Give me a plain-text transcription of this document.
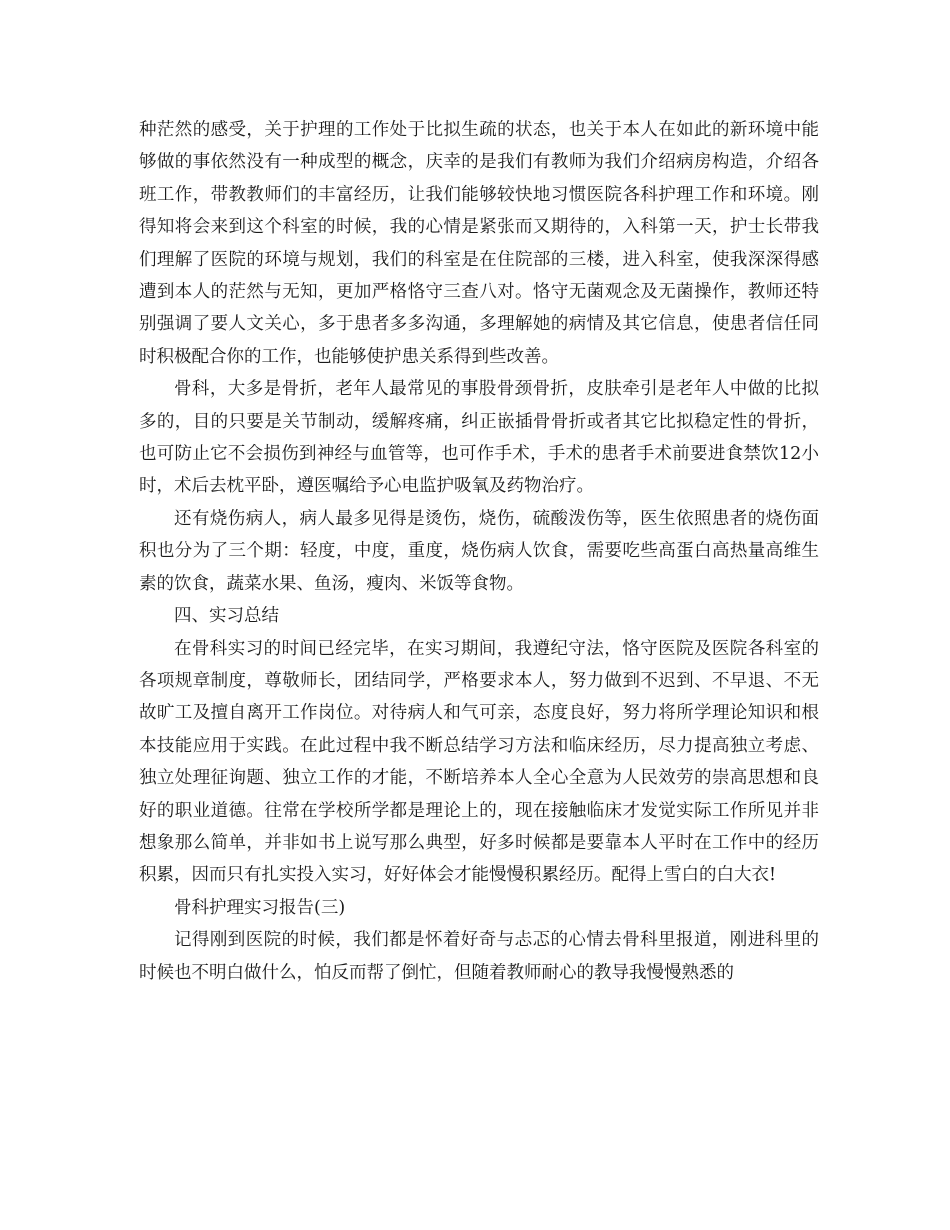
种茫然的感受，关于护理的工作处于比拟生疏的状态，也关于本人在如此的新环境中能够做的事依然没有一种成型的概念，庆幸的是我们有教师为我们介绍病房构造，介绍各班工作，带教教师们的丰富经历，让我们能够较快地习惯医院各科护理工作和环境。刚得知将会来到这个科室的时候，我的心情是紧张而又期待的，入科第一天，护士长带我们理解了医院的环境与规划，我们的科室是在住院部的三楼，进入科室，使我深深得感遭到本人的茫然与无知，更加严格恪守三查八对。恪守无菌观念及无菌操作，教师还特别强调了要人文关心，多于患者多多沟通，多理解她的病情及其它信息，使患者信任同时积极配合你的工作，也能够使护患关系得到些改善。

骨科，大多是骨折，老年人最常见的事股骨颈骨折，皮肤牵引是老年人中做的比拟多的，目的只要是关节制动，缓解疼痛，纠正嵌插骨骨折或者其它比拟稳定性的骨折，也可防止它不会损伤到神经与血管等，也可作手术，手术的患者手术前要进食禁饮12小时，术后去枕平卧，遵医嘱给予心电监护吸氧及药物治疗。

还有烧伤病人，病人最多见得是烫伤，烧伤，硫酸泼伤等，医生依照患者的烧伤面积也分为了三个期：轻度，中度，重度，烧伤病人饮食，需要吃些高蛋白高热量高维生素的饮食，蔬菜水果、鱼汤，瘦肉、米饭等食物。

四、实习总结

在骨科实习的时间已经完毕，在实习期间，我遵纪守法，恪守医院及医院各科室的各项规章制度，尊敬师长，团结同学，严格要求本人，努力做到不迟到、不早退、不无故旷工及擅自离开工作岗位。对待病人和气可亲，态度良好，努力将所学理论知识和根本技能应用于实践。在此过程中我不断总结学习方法和临床经历，尽力提高独立考虑、独立处理征询题、独立工作的才能，不断培养本人全心全意为人民效劳的崇高思想和良好的职业道德。往常在学校所学都是理论上的，现在接触临床才发觉实际工作所见并非想象那么简单，并非如书上说写那么典型，好多时候都是要靠本人平时在工作中的经历积累，因而只有扎实投入实习，好好体会才能慢慢积累经历。配得上雪白的白大衣!

骨科护理实习报告(三)

记得刚到医院的时候，我们都是怀着好奇与忐忑的心情去骨科里报道，刚进科里的时候也不明白做什么，怕反而帮了倒忙，但随着教师耐心的教导我慢慢熟悉的
